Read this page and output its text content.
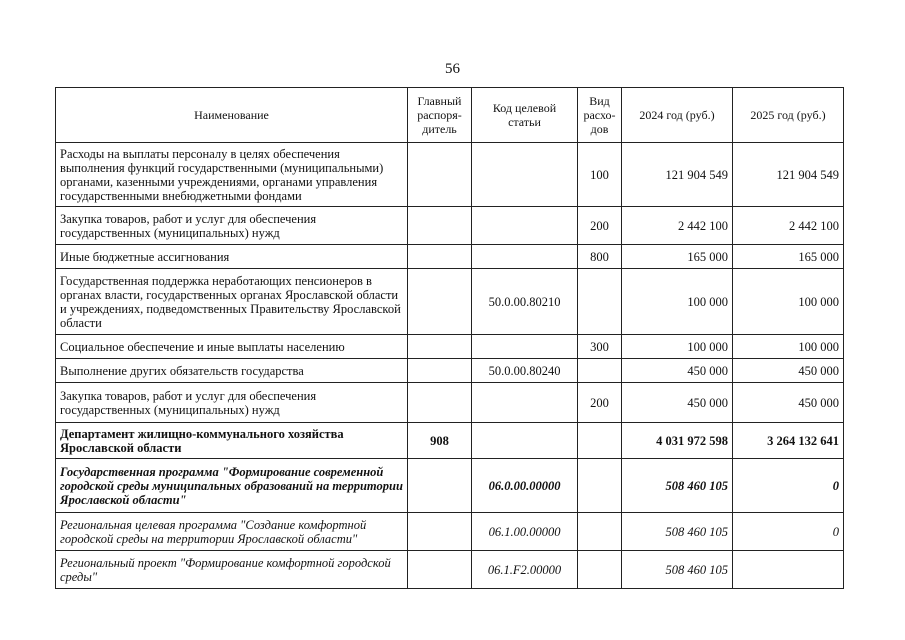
56
Наименование	Главный распоря-дитель	Код целевой статьи	Вид расхо-дов	2024 год (руб.)	2025 год (руб.)
Расходы на выплаты персоналу в целях обеспечения выполнения функций государственными (муниципальными) органами, казенными учреждениями, органами управления государственными внебюджетными фондами			100	121 904 549	121 904 549
Закупка товаров, работ и услуг для обеспечения государственных (муниципальных) нужд			200	2 442 100	2 442 100
Иные бюджетные ассигнования			800	165 000	165 000
Государственная поддержка неработающих пенсионеров в органах власти, государственных органах Ярославской области и учреждениях, подведомственных Правительству Ярославской области		50.0.00.80210		100 000	100 000
Социальное обеспечение и иные выплаты населению			300	100 000	100 000
Выполнение других обязательств государства		50.0.00.80240		450 000	450 000
Закупка товаров, работ и услуг для обеспечения государственных (муниципальных) нужд			200	450 000	450 000
Департамент жилищно-коммунального хозяйства Ярославской области	908			4 031 972 598	3 264 132 641
Государственная программа "Формирование современной городской среды муниципальных образований на территории Ярославской области"		06.0.00.00000		508 460 105	0
Региональная целевая программа "Создание комфортной городской среды на территории Ярославской области"		06.1.00.00000		508 460 105	0
Региональный проект "Формирование комфортной городской среды"		06.1.F2.00000		508 460 105	
